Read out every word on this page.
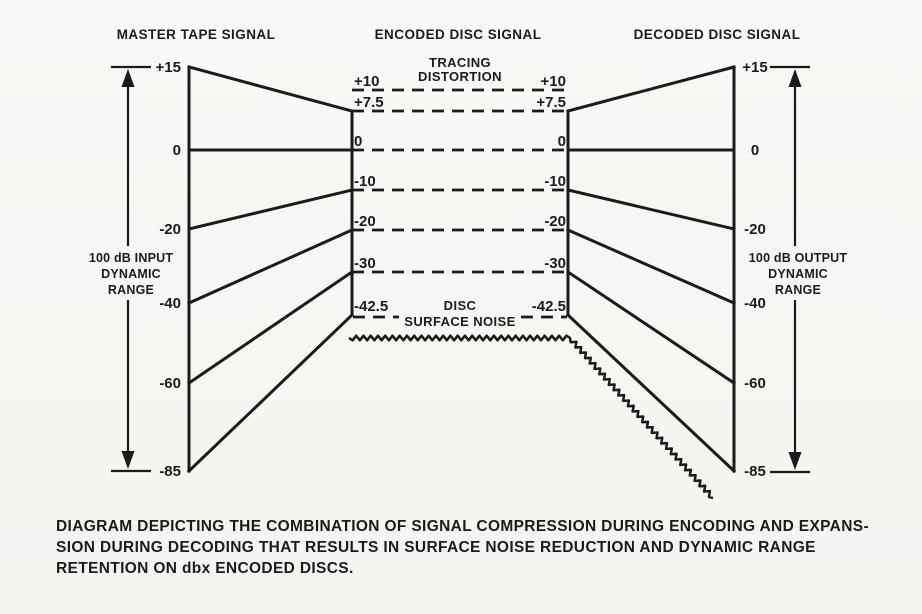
+15
0
-20
-40
-60
-85
+15
0
-20
-40
-60
-85
+10	+10
+7.5	+7.5
0	0
-10	-10
-20	-20
-30	-30
-42.5	-42.5
MASTER TAPE SIGNAL	ENCODED DISC SIGNAL	DECODED DISC SIGNAL
TRACING
DISTORTION
DISC
SURFACE NOISE
100 dB INPUT
DYNAMIC
RANGE
100 dB OUTPUT
DYNAMIC
RANGE
DIAGRAM DEPICTING THE COMBINATION OF SIGNAL COMPRESSION DURING ENCODING AND EXPANS-
SION DURING DECODING THAT RESULTS IN SURFACE NOISE REDUCTION AND DYNAMIC RANGE
RETENTION ON dbx ENCODED DISCS.
